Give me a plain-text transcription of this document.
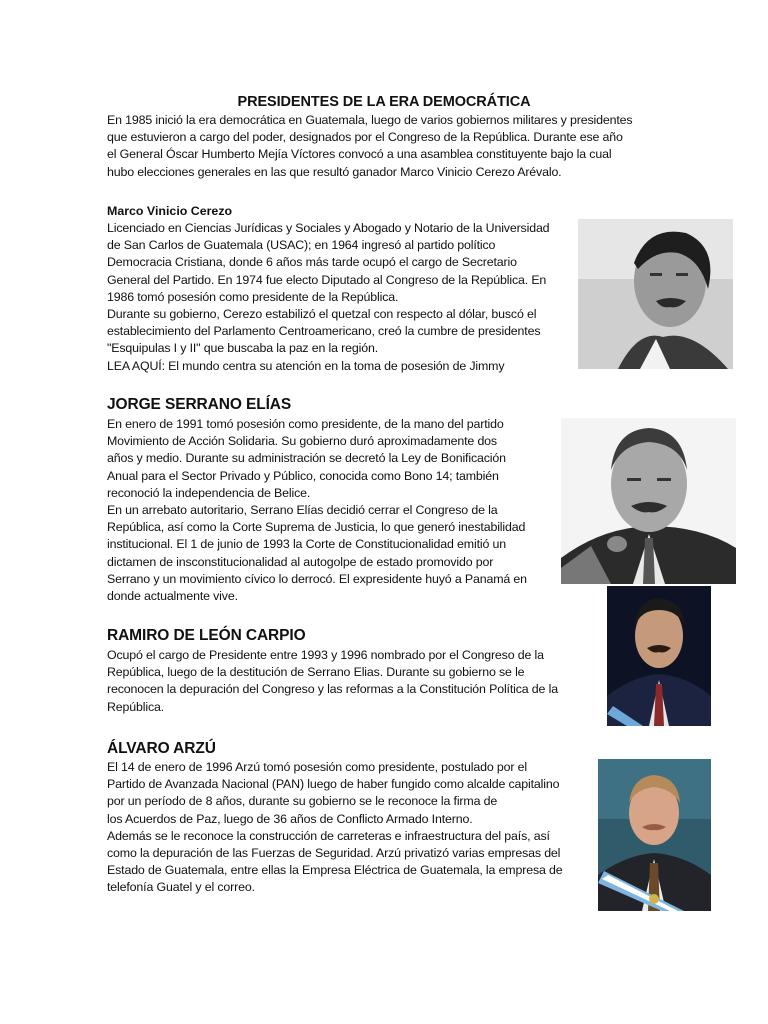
PRESIDENTES DE LA ERA DEMOCRÁTICA
En 1985 inició la era democrática en Guatemala, luego de varios gobiernos militares y presidentes
que estuvieron a cargo del poder, designados por el Congreso de la República. Durante ese año
el General Óscar Humberto Mejía Víctores convocó a una asamblea constituyente bajo la cual
hubo elecciones generales en las que resultó ganador Marco Vinicio Cerezo Arévalo.
Marco Vinicio Cerezo
Licenciado en Ciencias Jurídicas y Sociales y Abogado y Notario de la Universidad
de San Carlos de Guatemala (USAC); en 1964 ingresó al partido político
Democracia Cristiana, donde 6 años más tarde ocupó el cargo de Secretario
General del Partido. En 1974 fue electo Diputado al Congreso de la República. En
1986 tomó posesión como presidente de la República.
Durante su gobierno, Cerezo estabilizó el quetzal con respecto al dólar, buscó el
establecimiento del Parlamento Centroamericano, creó la cumbre de presidentes
"Esquipulas I y II" que buscaba la paz en la región.
LEA AQUÍ: El mundo centra su atención en la toma de posesión de Jimmy
JORGE SERRANO ELÍAS
En enero de 1991 tomó posesión como presidente, de la mano del partido
Movimiento de Acción Solidaria. Su gobierno duró aproximadamente dos
años y medio. Durante su administración se decretó la Ley de Bonificación
Anual para el Sector Privado y Público, conocida como Bono 14; también
reconoció la independencia de Belice.
En un arrebato autoritario, Serrano Elías decidió cerrar el Congreso de la
República, así como la Corte Suprema de Justicia, lo que generó inestabilidad
institucional. El 1 de junio de 1993 la Corte de Constitucionalidad emitió un
dictamen de insconstitucionalidad al autogolpe de estado promovido por
Serrano y un movimiento cívico lo derrocó. El expresidente huyó a Panamá en
donde actualmente vive.
RAMIRO DE LEÓN CARPIO
Ocupó el cargo de Presidente entre 1993 y 1996 nombrado por el Congreso de la
República, luego de la destitución de Serrano Elias. Durante su gobierno se le
reconocen la depuración del Congreso y las reformas a la Constitución Política de la
República.
ÁLVARO ARZÚ
El 14 de enero de 1996 Arzú tomó posesión como presidente, postulado por el
Partido de Avanzada Nacional (PAN) luego de haber fungido como alcalde capitalino
por un período de 8 años, durante su gobierno se le reconoce la firma de
los Acuerdos de Paz, luego de 36 años de Conflicto Armado Interno.
Además se le reconoce la construcción de carreteras e infraestructura del país, así
como la depuración de las Fuerzas de Seguridad. Arzú privatizó varias empresas del
Estado de Guatemala, entre ellas la Empresa Eléctrica de Guatemala, la empresa de
telefonía Guatel y el correo.
